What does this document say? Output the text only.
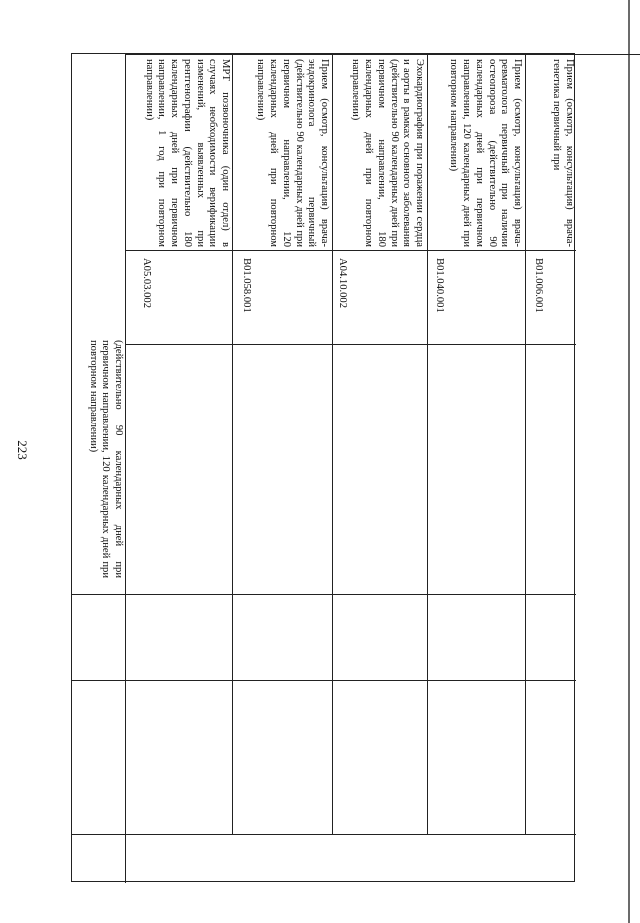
223	(действительно 90 календарных дней при первичном направлении, 120 календарных дней при повторном направлении)
A05.03.002
МРТ позвоночника (один отдел) в случаях необходимости верификации изменений, выявленных при рентгенографии (действительно 180 календарных дней при первичном направлении, 1 год при повторном направлении)
B01.058.001
Прием (осмотр, консультация) врача-эндокринолога первичный (действительно 90 календарных дней при первичном направлении, 120 календарных дней при повторном направлении)
A04.10.002
Эхокардиография при поражении сердца и аорты в рамках основного заболевания (действительно 90 календарных дней при первичном направлении, 180 календарных дней при повторном направлении)
B01.040.001
Прием (осмотр, консультация) врача-ревматолога первичный при наличии остеопороза (действительно 90 календарных дней при первичном направлении, 120 календарных дней при повторном направлении)
B01.006.001
Прием (осмотр, консультация) врача-генетика первичный при
